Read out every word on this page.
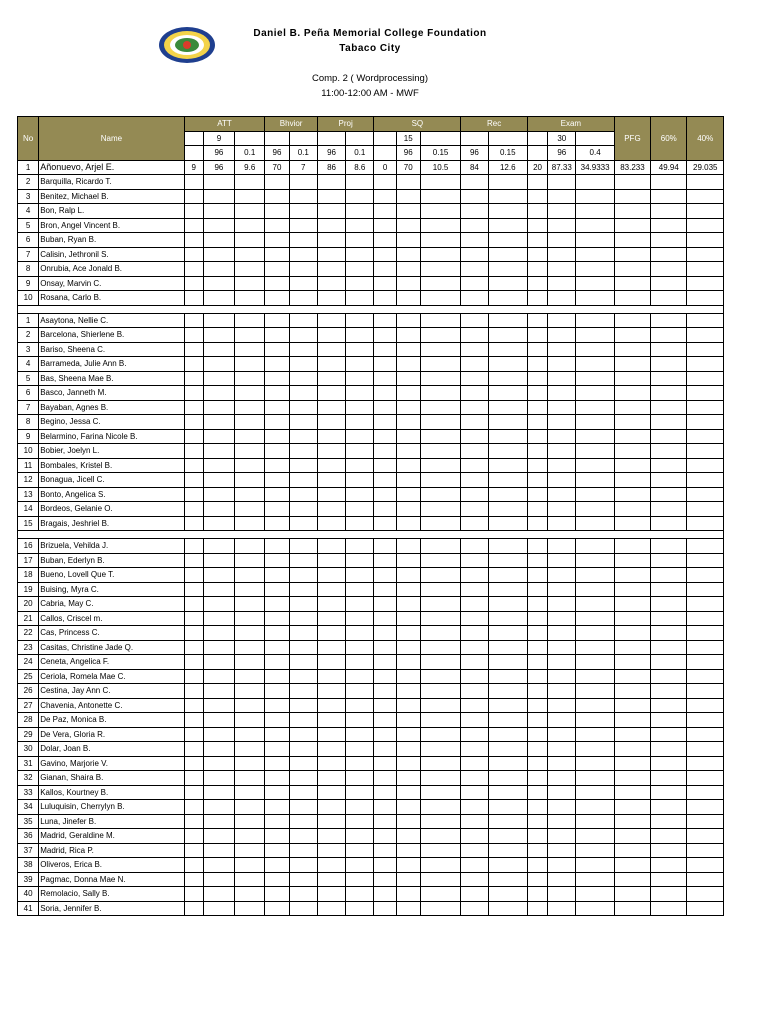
Daniel B. Peña Memorial College Foundation
Tabaco City
Comp. 2 ( Wordprocessing)
11:00-12:00 AM - MWF
No	Name	ATT			Bhvior		Proj		SQ			Rec		Exam			PFG	60%	40%
			9							15					30				
			96	0.1	96	0.1	96	0.1		96	0.15	96	0.15		96	0.4			
1	Añonuevo, Arjel E.	9	96	9.6	70	7	86	8.6	0	70	10.5	84	12.6	20	87.33	34.9333	83.233	49.94	29.035
2	Barquilla, Ricardo T.																		
3	Benitez, Michael B.																		
4	Bon, Ralp L.																		
5	Bron, Angel Vincent B.																		
6	Buban, Ryan B.																		
7	Calisin, Jethronil S.																		
8	Onrubia, Ace Jonald B.																		
9	Onsay, Marvin C.																		
10	Rosana, Carlo B.																		

1	Asaytona, Nellie C.																		
2	Barcelona, Shierlene B.																		
3	Bariso, Sheena C.																		
4	Barrameda, Julie Ann B.																		
5	Bas, Sheena Mae B.																		
6	Basco, Janneth M.																		
7	Bayaban, Agnes B.																		
8	Begino, Jessa C.																		
9	Belarmino, Farina Nicole B.																		
10	Bobier, Joelyn L.																		
11	Bombales, Kristel B.																		
12	Bonagua, Jicell C.																		
13	Bonto, Angelica S.																		
14	Bordeos, Gelanie O.																		
15	Bragais, Jeshriel B.																		

16	Brizuela, Vehilda J.																		
17	Buban, Ederlyn B.																		
18	Bueno, Lovell Que T.																		
19	Buising, Myra C.																		
20	Cabria, May C.																		
21	Callos, Criscel m.																		
22	Cas, Princess C.																		
23	Casitas, Christine Jade Q.																		
24	Ceneta, Angelica F.																		
25	Ceriola, Romela Mae C.																		
26	Cestina, Jay Ann C.																		
27	Chavenia, Antonette C.																		
28	De Paz, Monica B.																		
29	De Vera, Gloria R.																		
30	Dolar, Joan B.																		
31	Gavino, Marjorie V.																		
32	Gianan, Shaira B.																		
33	Kallos, Kourtney B.																		
34	Luluquisin, Cherrylyn B.																		
35	Luna, Jinefer B.																		
36	Madrid, Geraldine M.																		
37	Madrid, Rica P.																		
38	Oliveros, Erica B.																		
39	Pagmac, Donna Mae N.																		
40	Remolacio, Sally B.																		
41	Soria, Jennifer B.																		
